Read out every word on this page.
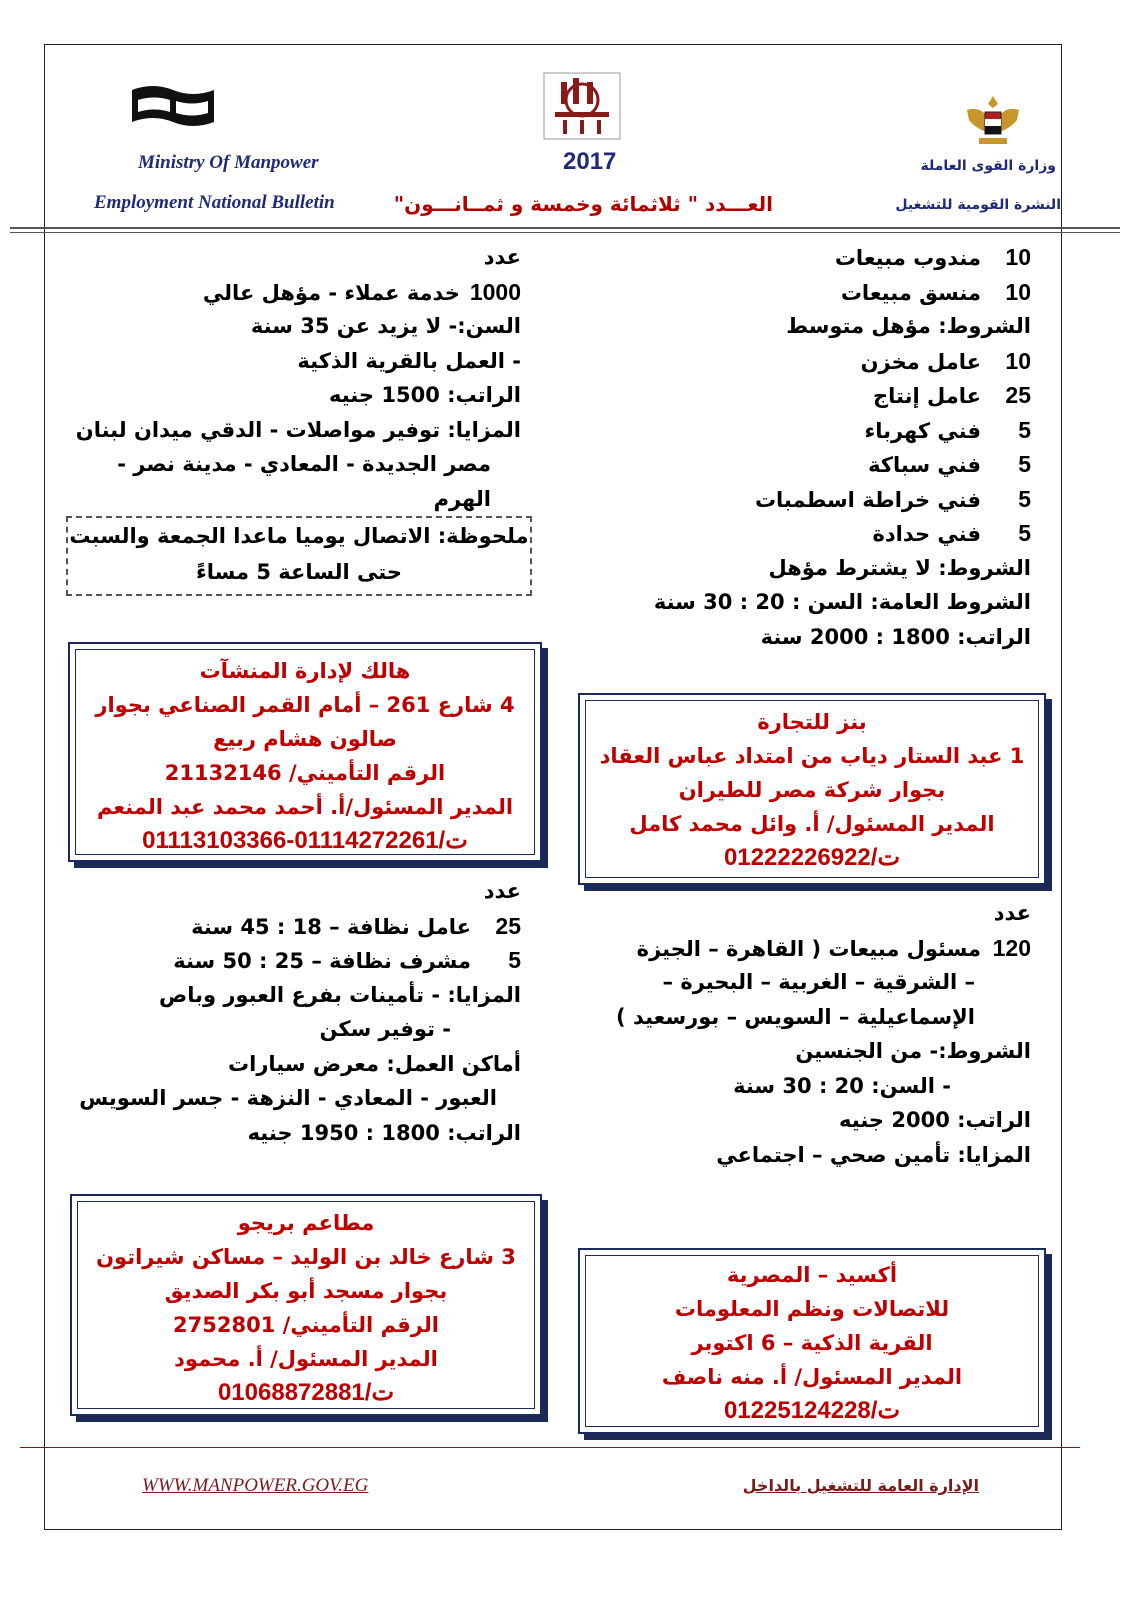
Ministry Of Manpower
Employment National Bulletin
2017
العـــدد " ثلاثمائة وخمسة و ثمــانـــون"
وزارة القوى العاملة
النشرة القومية للتشغيل
10مندوب مبيعات
10منسق مبيعات
الشروط: مؤهل متوسط
10عامل مخزن
25عامل إنتاج
5فني كهرباء
5فني سباكة
5فني خراطة اسطمبات
5فني حدادة
الشروط: لا يشترط مؤهل
الشروط العامة: السن : 20 : 30 سنة
الراتب: 1800 : 2000 سنة
عدد
1000خدمة عملاء - مؤهل عالي
السن:- لا يزيد عن 35 سنة
- العمل بالقرية الذكية
الراتب: 1500 جنيه
المزايا: توفير مواصلات - الدقي ميدان لبنان
مصر الجديدة - المعادي - مدينة نصر -
الهرم
ملحوظة: الاتصال يوميا ماعدا الجمعة والسبت
حتى الساعة 5 مساءً
هالك لإدارة المنشآت
4 شارع 261 – أمام القمر الصناعي بجوار
صالون هشام ربيع
الرقم التأميني/ 21132146
المدير المسئول/أ. أحمد محمد عبد المنعم
ت/01114272261-01113103366
بنز للتجارة
1 عبد الستار دياب من امتداد عباس العقاد
بجوار شركة مصر للطيران
المدير المسئول/ أ. وائل محمد كامل
ت/01222226922
عدد
25عامل نظافة – 18 : 45 سنة
5مشرف نظافة – 25 : 50 سنة
المزايا: - تأمينات بفرع العبور وباص
- توفير سكن
أماكن العمل: معرض سيارات
العبور - المعادي - النزهة - جسر السويس
الراتب: 1800 : 1950 جنيه
عدد
120مسئول مبيعات ( القاهرة – الجيزة
– الشرقية – الغربية – البحيرة –
الإسماعيلية – السويس – بورسعيد )
الشروط:- من الجنسين
- السن: 20 : 30 سنة
الراتب: 2000 جنيه
المزايا: تأمين صحي – اجتماعي
مطاعم بريجو
3 شارع خالد بن الوليد – مساكن شيراتون
بجوار مسجد أبو بكر الصديق
الرقم التأميني/ 2752801
المدير المسئول/ أ. محمود
ت/01068872881
أكسيد – المصرية
للاتصالات ونظم المعلومات
القرية الذكية – 6 اكتوبر
المدير المسئول/ أ. منه ناصف
ت/01225124228
WWW.MANPOWER.GOV.EG	الإدارة العامة للتشغيل بالداخل
